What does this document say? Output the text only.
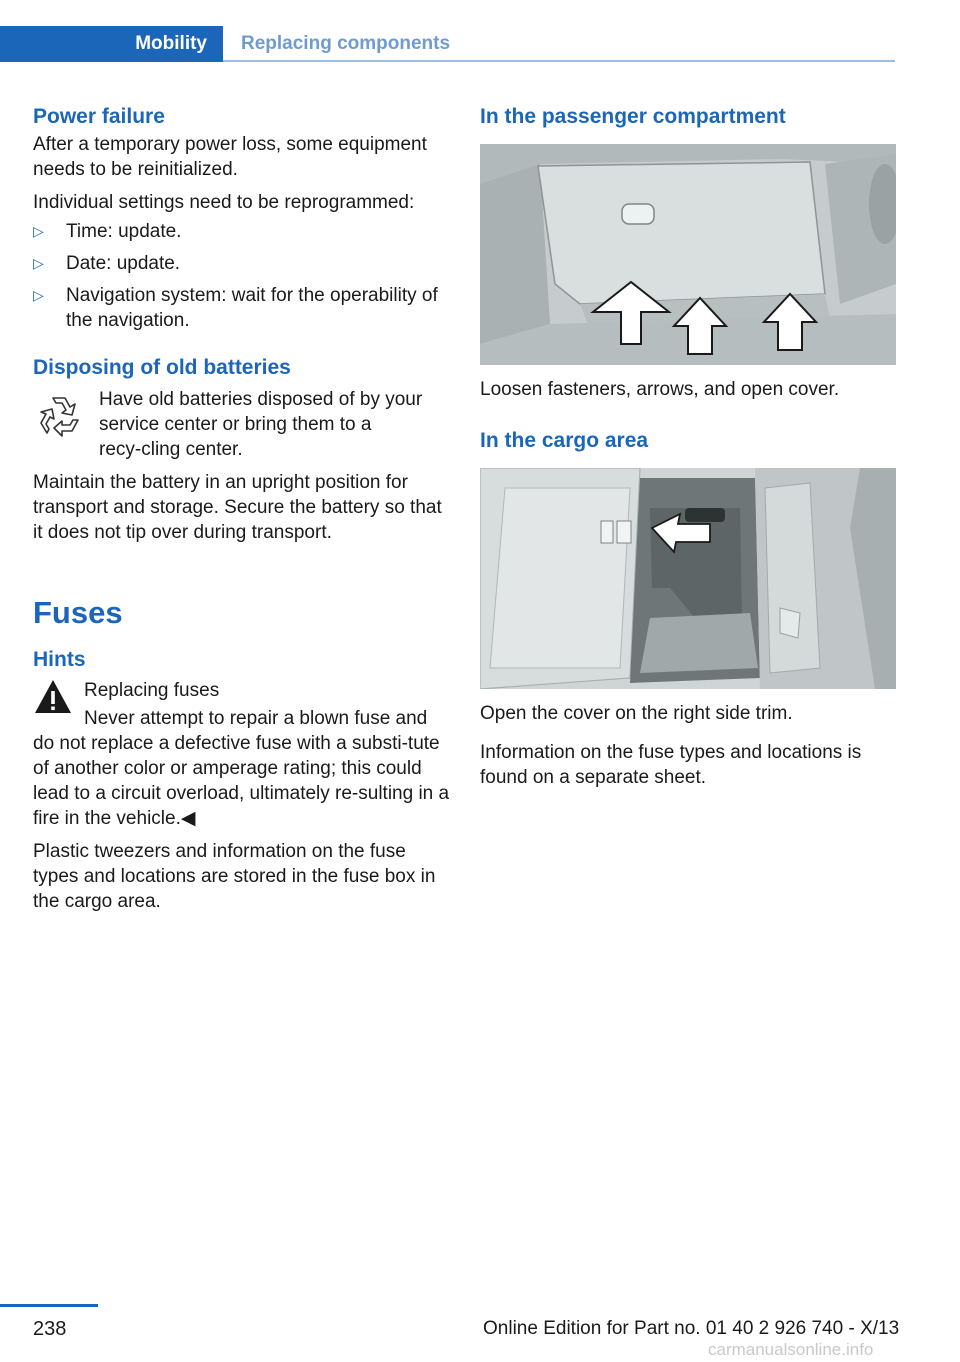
Mobility	Replacing components
Power failure

After a temporary power loss, some equipment needs to be reinitialized.

Individual settings need to be reprogrammed:

▷ Time: update.
▷ Date: update.
▷ Navigation system: wait for the operability of the navigation.
Disposing of old batteries

Have old batteries disposed of by your service center or bring them to a recy‑cling center.

Maintain the battery in an upright position for transport and storage. Secure the battery so that it does not tip over during transport.

Fuses
Hints

Replacing fuses

Never attempt to repair a blown fuse and do not replace a defective fuse with a substi‑tute of another color or amperage rating; this could lead to a circuit overload, ultimately re‑sulting in a fire in the vehicle.◀

Plastic tweezers and information on the fuse types and locations are stored in the fuse box in the cargo area.

In the passenger compartment

Loosen fasteners, arrows, and open cover.

In the cargo area

Open the cover on the right side trim.

Information on the fuse types and locations is found on a separate sheet.

238	Online Edition for Part no. 01 40 2 926 740 - X/13
carmanualsonline.info
